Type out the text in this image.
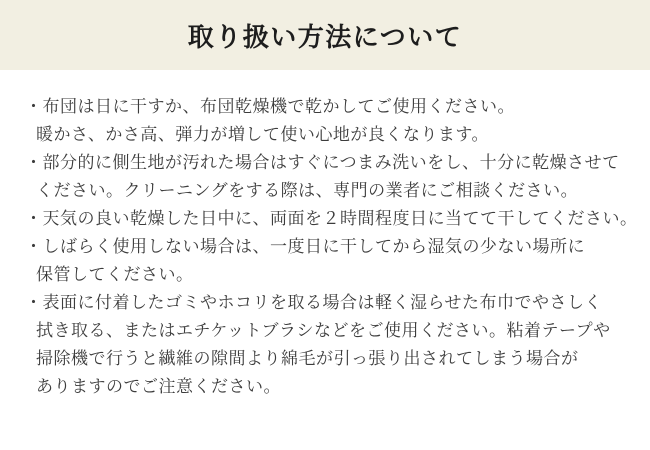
取り扱い方法について
・布団は日に干すか、布団乾燥機で乾かしてご使用ください。
暖かさ、かさ高、弾力が増して使い心地が良くなります。
・部分的に側生地が汚れた場合はすぐにつまみ洗いをし、十分に乾燥させて
ください。クリーニングをする際は、専門の業者にご相談ください。
・天気の良い乾燥した日中に、両面を２時間程度日に当てて干してください。
・しばらく使用しない場合は、一度日に干してから湿気の少ない場所に
保管してください。
・表面に付着したゴミやホコリを取る場合は軽く湿らせた布巾でやさしく
拭き取る、またはエチケットブラシなどをご使用ください。粘着テープや
掃除機で行うと繊維の隙間より綿毛が引っ張り出されてしまう場合が
ありますのでご注意ください。
